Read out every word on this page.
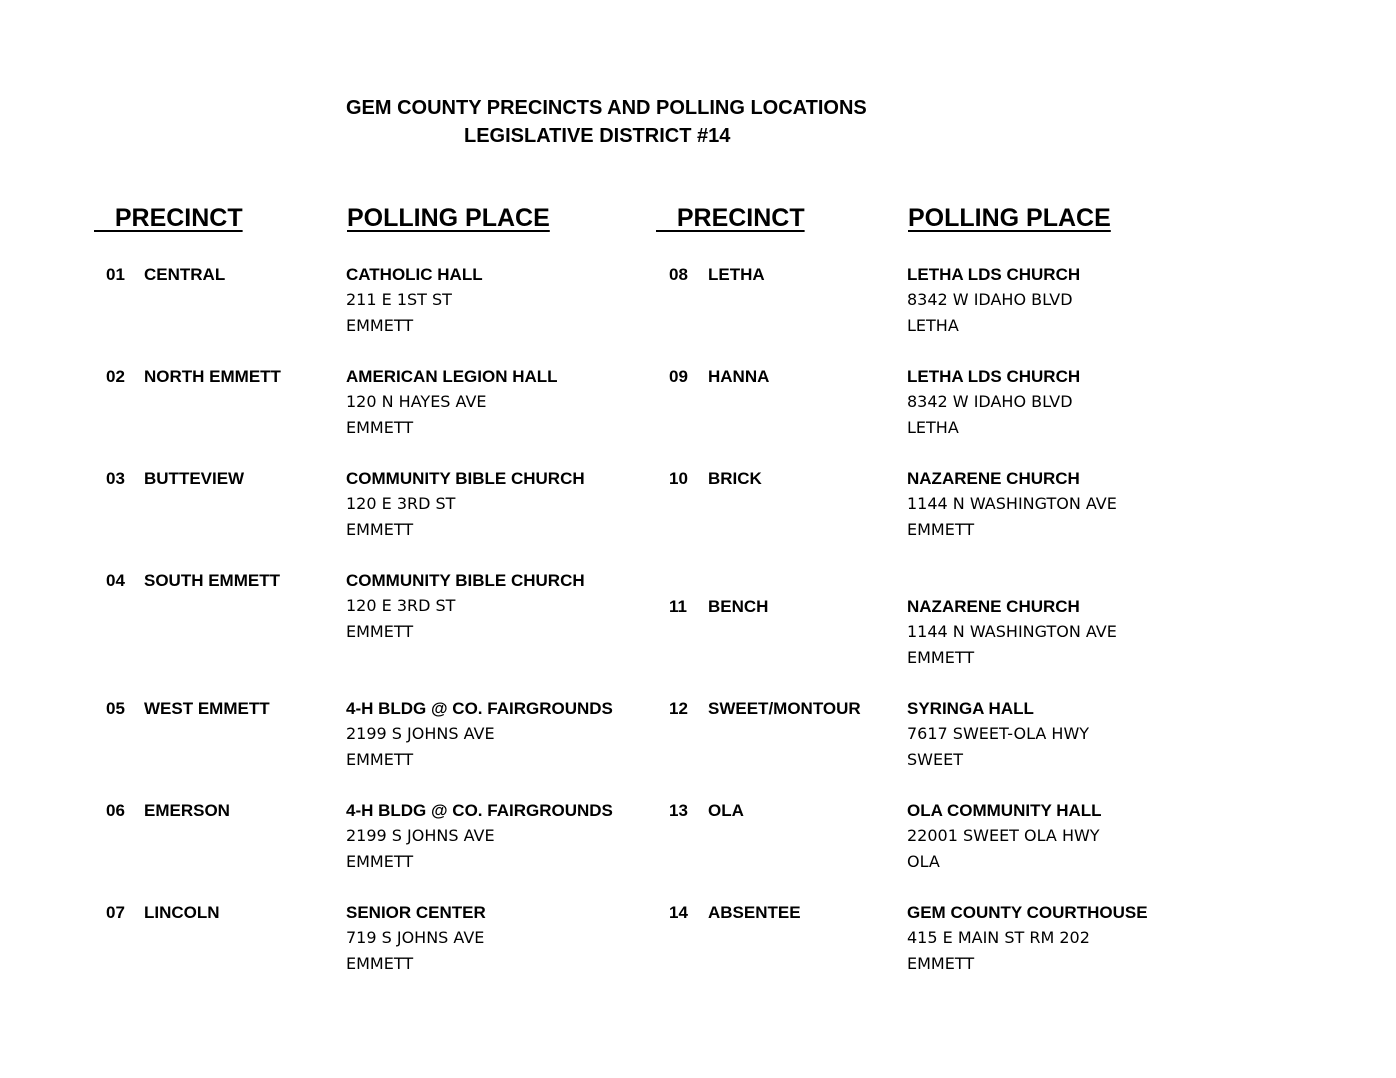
GEM COUNTY PRECINCTS AND POLLING LOCATIONS
LEGISLATIVE DISTRICT #14
PRECINCT	POLLING PLACE	PRECINCT	POLLING PLACE
01 CENTRAL	CATHOLIC HALL
211 E 1ST ST
EMMETT
02 NORTH EMMETT	AMERICAN LEGION HALL
120 N HAYES AVE
EMMETT
03 BUTTEVIEW	COMMUNITY BIBLE CHURCH
120 E 3RD ST
EMMETT
04 SOUTH EMMETT	COMMUNITY BIBLE CHURCH
120 E 3RD ST
EMMETT
05 WEST EMMETT	4-H BLDG @ CO. FAIRGROUNDS
2199 S JOHNS AVE
EMMETT
06 EMERSON	4-H BLDG @ CO. FAIRGROUNDS
2199 S JOHNS AVE
EMMETT
07 LINCOLN	SENIOR CENTER
719 S JOHNS AVE
EMMETT
08 LETHA	LETHA LDS CHURCH
8342 W IDAHO BLVD
LETHA
09 HANNA	LETHA LDS CHURCH
8342 W IDAHO BLVD
LETHA
10 BRICK	NAZARENE CHURCH
1144 N WASHINGTON AVE
EMMETT
11 BENCH	NAZARENE CHURCH
1144 N WASHINGTON AVE
EMMETT
12 SWEET/MONTOUR	SYRINGA HALL
7617 SWEET-OLA HWY
SWEET
13 OLA	OLA COMMUNITY HALL
22001 SWEET OLA HWY
OLA
14 ABSENTEE	GEM COUNTY COURTHOUSE
415 E MAIN ST RM 202
EMMETT
